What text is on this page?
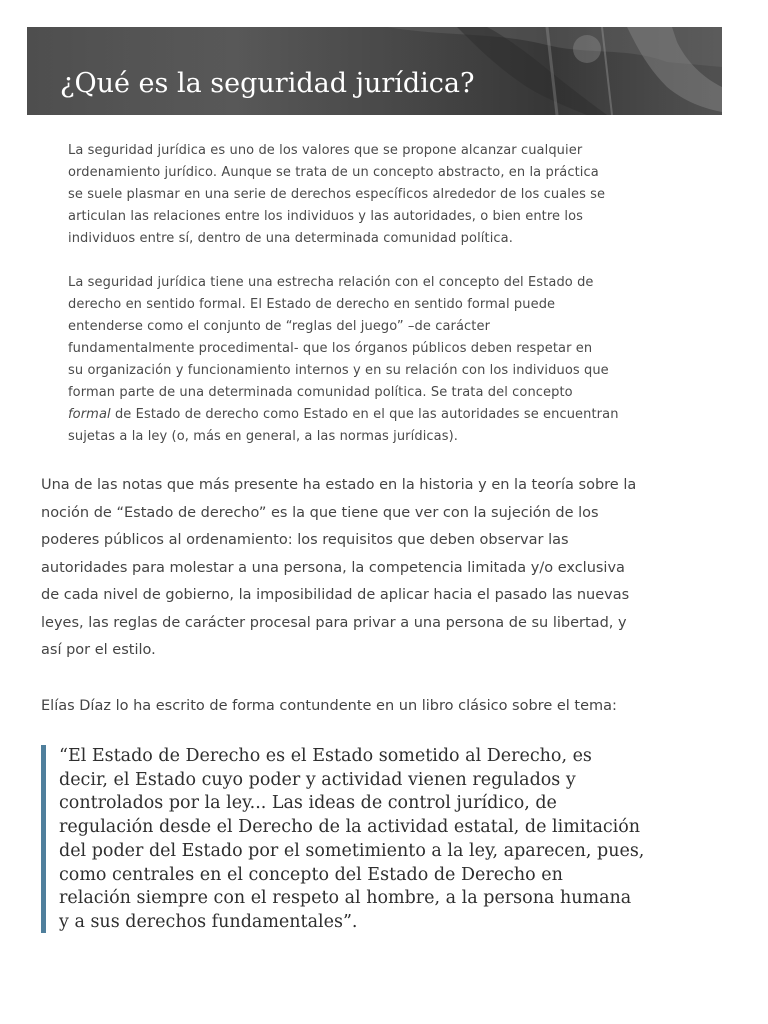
¿Qué es la seguridad jurídica?

La seguridad jurídica es uno de los valores que se propone alcanzar cualquier
ordenamiento jurídico. Aunque se trata de un concepto abstracto, en la práctica
se suele plasmar en una serie de derechos específicos alrededor de los cuales se
articulan las relaciones entre los individuos y las autoridades, o bien entre los
individuos entre sí, dentro de una determinada comunidad política.

La seguridad jurídica tiene una estrecha relación con el concepto del Estado de
derecho en sentido formal. El Estado de derecho en sentido formal puede
entenderse como el conjunto de “reglas del juego” –de carácter
fundamentalmente procedimental- que los órganos públicos deben respetar en
su organización y funcionamiento internos y en su relación con los individuos que
forman parte de una determinada comunidad política. Se trata del concepto
formal de Estado de derecho como Estado en el que las autoridades se encuentran
sujetas a la ley (o, más en general, a las normas jurídicas).

Una de las notas que más presente ha estado en la historia y en la teoría sobre la
noción de “Estado de derecho” es la que tiene que ver con la sujeción de los
poderes públicos al ordenamiento: los requisitos que deben observar las
autoridades para molestar a una persona, la competencia limitada y/o exclusiva
de cada nivel de gobierno, la imposibilidad de aplicar hacia el pasado las nuevas
leyes, las reglas de carácter procesal para privar a una persona de su libertad, y
así por el estilo.

Elías Díaz lo ha escrito de forma contundente en un libro clásico sobre el tema:

“El Estado de Derecho es el Estado sometido al Derecho, es
decir, el Estado cuyo poder y actividad vienen regulados y
controlados por la ley... Las ideas de control jurídico, de
regulación desde el Derecho de la actividad estatal, de limitación
del poder del Estado por el sometimiento a la ley, aparecen, pues,
como centrales en el concepto del Estado de Derecho en
relación siempre con el respeto al hombre, a la persona humana
y a sus derechos fundamentales”.
